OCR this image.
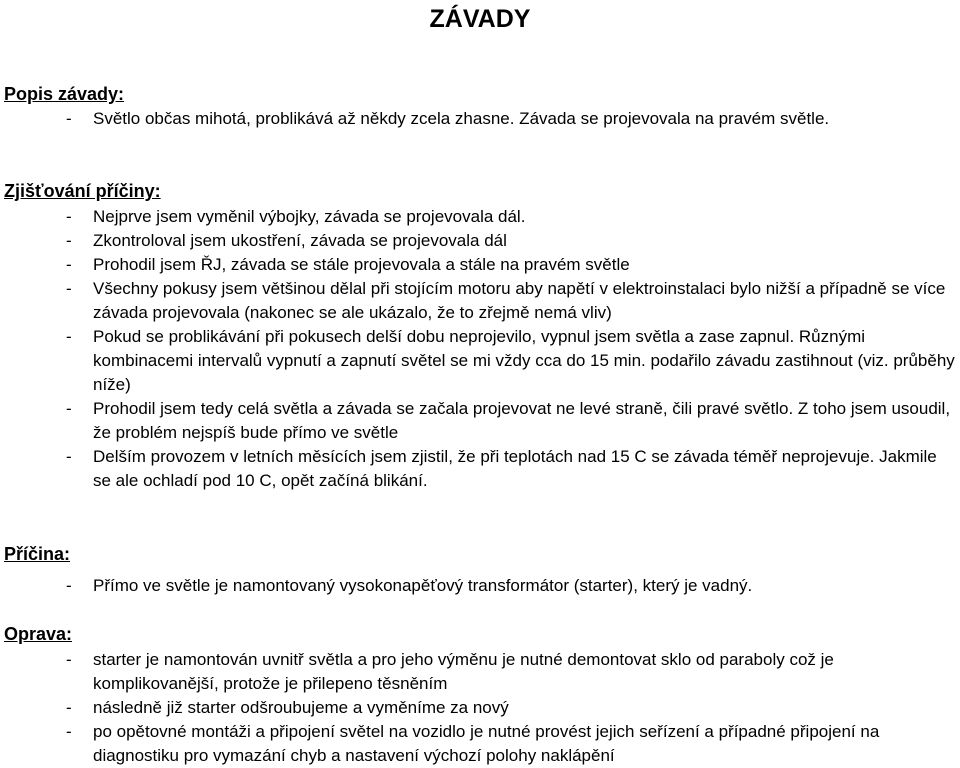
ZÁVADY
Popis závady:
- Světlo občas mihotá, problikává až někdy zcela zhasne. Závada se projevovala na pravém světle.
Zjišťování příčiny:
- Nejprve jsem vyměnil výbojky, závada se projevovala dál.
- Zkontroloval jsem ukostření, závada se projevovala dál
- Prohodil jsem ŘJ, závada se stále projevovala a stále na pravém světle
- Všechny pokusy jsem většinou dělal při stojícím motoru aby napětí v elektroinstalaci bylo nižší a případně se více závada projevovala (nakonec se ale ukázalo, že to zřejmě nemá vliv)
- Pokud se problikávání při pokusech delší dobu neprojevilo, vypnul jsem světla a zase zapnul. Různými kombinacemi intervalů vypnutí a zapnutí světel se mi vždy cca do 15 min. podařilo závadu zastihnout (viz. průběhy níže)
- Prohodil jsem tedy celá světla a závada se začala projevovat ne levé straně, čili pravé světlo. Z toho jsem usoudil, že problém nejspíš bude přímo ve světle
- Delším provozem v letních měsících jsem zjistil, že při teplotách nad 15 C se závada téměř neprojevuje. Jakmile se ale ochladí pod 10 C, opět začíná blikání.
Příčina:
- Přímo ve světle je namontovaný vysokonapěťový transformátor (starter), který je vadný.
Oprava:
- starter je namontován uvnitř světla a pro jeho výměnu je nutné demontovat sklo od paraboly což je komplikovanější, protože je přilepeno těsněním
- následně již starter odšroubujeme a vyměníme za nový
- po opětovné montáži a připojení světel na vozidlo je nutné provést jejich seřízení a případné připojení na diagnostiku pro vymazání chyb a nastavení výchozí polohy naklápění
